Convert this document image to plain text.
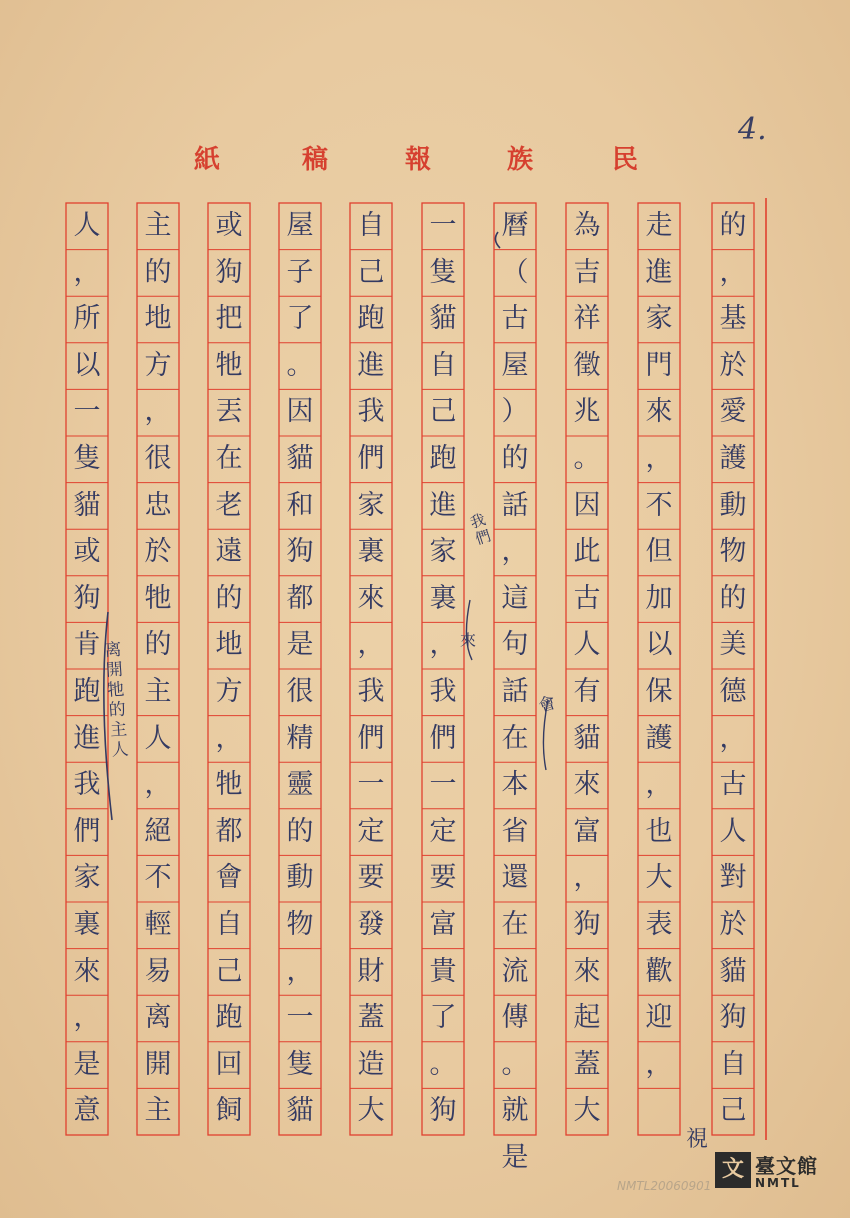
4.
紙	稿	報	族	民
人
，
所
以
一
隻
貓
或
狗
肯
跑
進
我
們
家
裏
來
，
是
意
主
的
地
方
，
很
忠
於
牠
的
主
人
，
絕
不
輕
易
离
開
主
或
狗
把
牠
丟
在
老
遠
的
地
方
，
牠
都
會
自
己
跑
回
飼
屋
子
了
。
因
貓
和
狗
都
是
很
精
靈
的
動
物
，
一
隻
貓
自
己
跑
進
我
們
家
裏
來
，
我
們
一
定
要
發
財
蓋
造
大
一
隻
貓
自
己
跑
進
家
裏
，
我
們
一
定
要
富
貴
了
。
狗
曆
（
古
屋
）
的
話
，
這
句
話
在
本
省
還
在
流
傳
。
就
是
為
吉
祥
徵
兆
。
因
此
古
人
有
貓
來
富
，
狗
來
起
蓋
大
走
進
家
門
來
，
不
但
加
以
保
護
，
也
大
表
歡
迎
，
的
，
基
於
愛
護
動
物
的
美
德
，
古
人
對
於
貓
狗
自
己
离開牠的主人
我們
來
會
視
NMTL20060901
文 臺文館
NMTL
